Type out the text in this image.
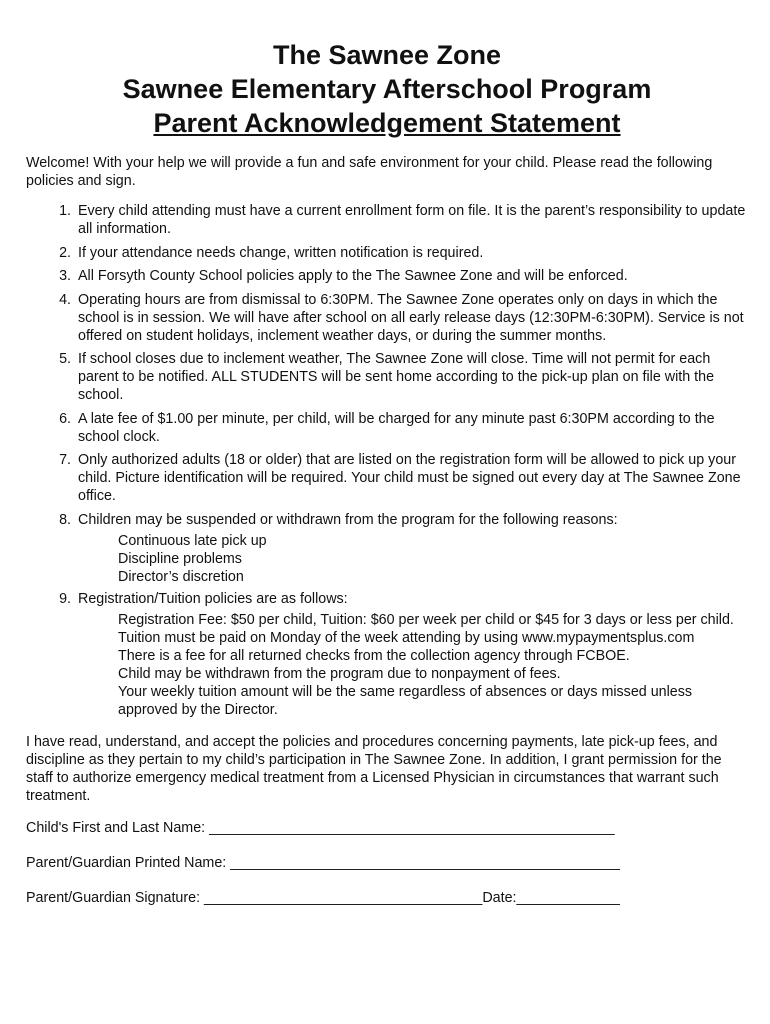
The Sawnee Zone
Sawnee Elementary Afterschool Program
Parent Acknowledgement Statement

Welcome! With your help we will provide a fun and safe environment for your child. Please read the following policies and sign.

1. Every child attending must have a current enrollment form on file. It is the parent’s responsibility to update all information.
2. If your attendance needs change, written notification is required.
3. All Forsyth County School policies apply to the The Sawnee Zone and will be enforced.
4. Operating hours are from dismissal to 6:30PM. The Sawnee Zone operates only on days in which the school is in session. We will have after school on all early release days (12:30PM-6:30PM). Service is not offered on student holidays, inclement weather days, or during the summer months.
5. If school closes due to inclement weather, The Sawnee Zone will close. Time will not permit for each parent to be notified. ALL STUDENTS will be sent home according to the pick-up plan on file with the school.
6. A late fee of $1.00 per minute, per child, will be charged for any minute past 6:30PM according to the school clock.
7. Only authorized adults (18 or older) that are listed on the registration form will be allowed to pick up your child. Picture identification will be required. Your child must be signed out every day at The Sawnee Zone office.
8. Children may be suspended or withdrawn from the program for the following reasons:
Continuous late pick up
Discipline problems
Director’s discretion
9. Registration/Tuition policies are as follows:
Registration Fee: $50 per child, Tuition: $60 per week per child or $45 for 3 days or less per child.
Tuition must be paid on Monday of the week attending by using www.mypaymentsplus.com
There is a fee for all returned checks from the collection agency through FCBOE.
Child may be withdrawn from the program due to nonpayment of fees.
Your weekly tuition amount will be the same regardless of absences or days missed unless approved by the Director.

I have read, understand, and accept the policies and procedures concerning payments, late pick-up fees, and discipline as they pertain to my child’s participation in The Sawnee Zone. In addition, I grant permission for the staff to authorize emergency medical treatment from a Licensed Physician in circumstances that warrant such treatment.

Child's First and Last Name: ___________________________________________________
Parent/Guardian Printed Name: _________________________________________________
Parent/Guardian Signature: ___________________________________Date:_____________
